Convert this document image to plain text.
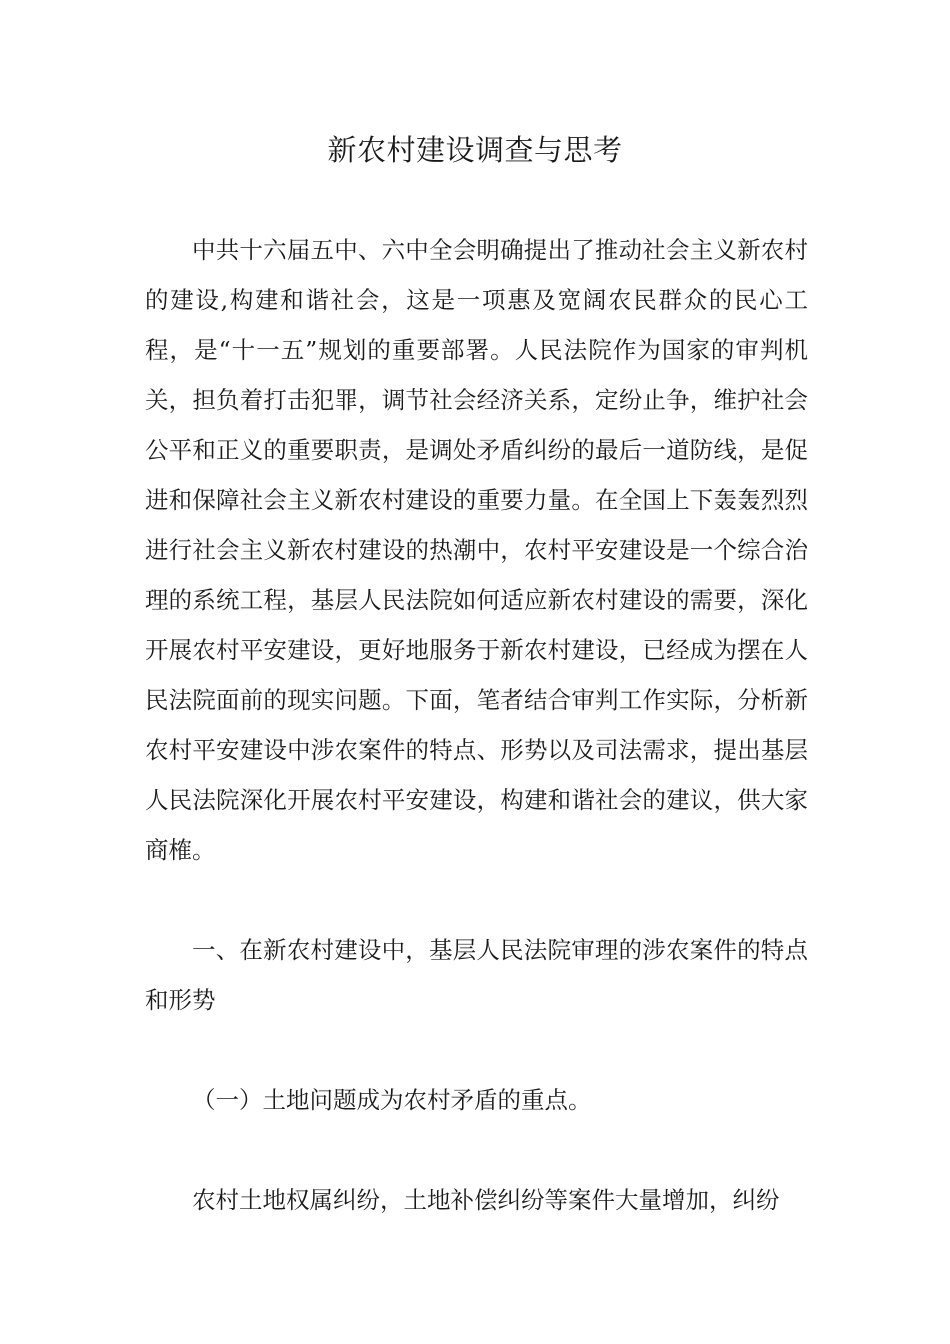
新农村建设调查与思考

中共十六届五中、六中全会明确提出了推动社会主义新农村的建设,构建和谐社会，这是一项惠及宽阔农民群众的民心工程，是“十一五”规划的重要部署。人民法院作为国家的审判机关，担负着打击犯罪，调节社会经济关系，定纷止争，维护社会公平和正义的重要职责，是调处矛盾纠纷的最后一道防线，是促进和保障社会主义新农村建设的重要力量。在全国上下轰轰烈烈进行社会主义新农村建设的热潮中，农村平安建设是一个综合治理的系统工程，基层人民法院如何适应新农村建设的需要，深化开展农村平安建设，更好地服务于新农村建设，已经成为摆在人民法院面前的现实问题。下面，笔者结合审判工作实际，分析新农村平安建设中涉农案件的特点、形势以及司法需求，提出基层人民法院深化开展农村平安建设，构建和谐社会的建议，供大家商榷。

一、在新农村建设中，基层人民法院审理的涉农案件的特点和形势

（一）土地问题成为农村矛盾的重点。

农村土地权属纠纷，土地补偿纠纷等案件大量增加，纠纷
